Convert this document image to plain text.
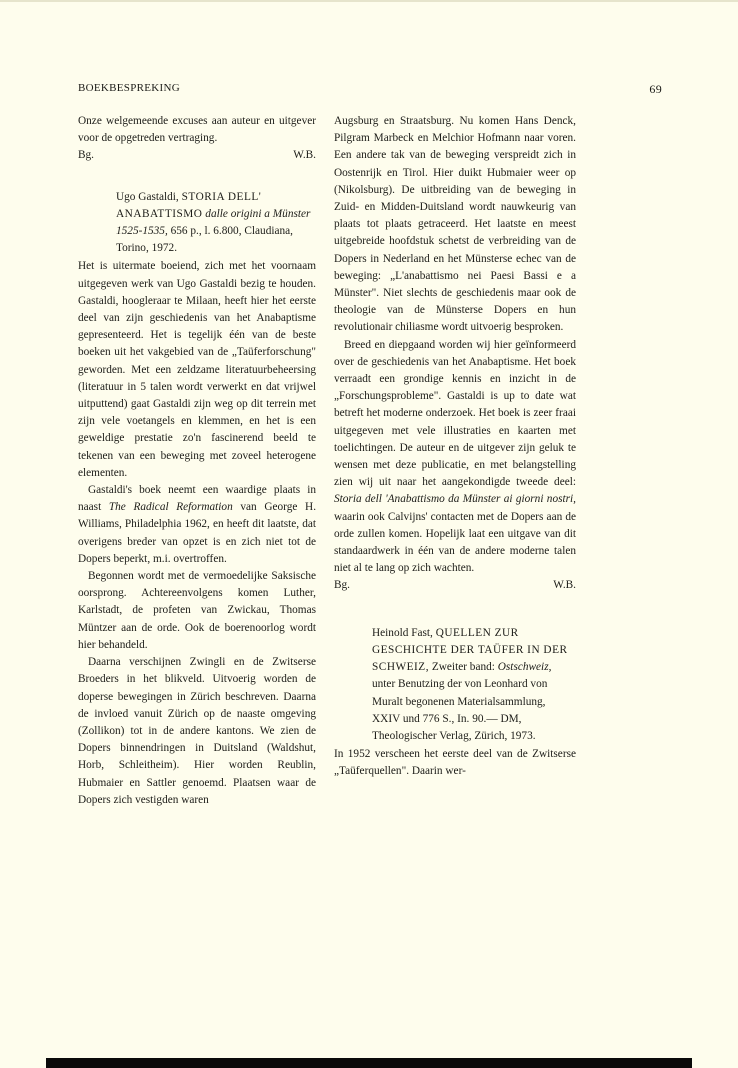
BOEKBESPREKING	69

Onze welgemeende excuses aan auteur en uitgever voor de opgetreden vertraging.

Bg.	W.B.
Ugo Gastaldi, STORIA DELL' ANABATTISMO dalle origini a Münster 1525-1535, 656 p., l. 6.800, Claudiana, Torino, 1972.

Het is uitermate boeiend, zich met het voornaam uitgegeven werk van Ugo Gastaldi bezig te houden. Gastaldi, hoogleraar te Milaan, heeft hier het eerste deel van zijn geschiedenis van het Anabaptisme gepresenteerd. Het is tegelijk één van de beste boeken uit het vakgebied van de „Taüferforschung" geworden. Met een zeldzame literatuurbeheersing (literatuur in 5 talen wordt verwerkt en dat vrijwel uitputtend) gaat Gastaldi zijn weg op dit terrein met zijn vele voetangels en klemmen, en het is een geweldige prestatie zo'n fascinerend beeld te tekenen van een beweging met zoveel heterogene elementen.

Gastaldi's boek neemt een waardige plaats in naast The Radical Reformation van George H. Williams, Philadelphia 1962, en heeft dit laatste, dat overigens breder van opzet is en zich niet tot de Dopers beperkt, m.i. overtroffen.

Begonnen wordt met de vermoedelijke Saksische oorsprong. Achtereenvolgens komen Luther, Karlstadt, de profeten van Zwickau, Thomas Müntzer aan de orde. Ook de boerenoorlog wordt hier behandeld.

Daarna verschijnen Zwingli en de Zwitserse Broeders in het blikveld. Uitvoerig worden de doperse bewegingen in Zürich beschreven. Daarna de invloed vanuit Zürich op de naaste omgeving (Zollikon) tot in de andere kantons. We zien de Dopers binnendringen in Duitsland (Waldshut, Horb, Schleitheim). Hier worden Reublin, Hubmaier en Sattler genoemd. Plaatsen waar de Dopers zich vestigden waren

Augsburg en Straatsburg. Nu komen Hans Denck, Pilgram Marbeck en Melchior Hofmann naar voren. Een andere tak van de beweging verspreidt zich in Oostenrijk en Tirol. Hier duikt Hubmaier weer op (Nikolsburg). De uitbreiding van de beweging in Zuid- en Midden-Duitsland wordt nauwkeurig van plaats tot plaats getraceerd. Het laatste en meest uitgebreide hoofdstuk schetst de verbreiding van de Dopers in Nederland en het Münsterse echec van de beweging: „L'anabattismo nei Paesi Bassi e a Münster". Niet slechts de geschiedenis maar ook de theologie van de Münsterse Dopers en hun revolutionair chiliasme wordt uitvoerig besproken.

Breed en diepgaand worden wij hier geïnformeerd over de geschiedenis van het Anabaptisme. Het boek verraadt een grondige kennis en inzicht in de „Forschungsprobleme". Gastaldi is up to date wat betreft het moderne onderzoek. Het boek is zeer fraai uitgegeven met vele illustraties en kaarten met toelichtingen. De auteur en de uitgever zijn geluk te wensen met deze publicatie, en met belangstelling zien wij uit naar het aangekondigde tweede deel: Storia dell 'Anabattismo da Münster ai giorni nostri, waarin ook Calvijns' contacten met de Dopers aan de orde zullen komen. Hopelijk laat een uitgave van dit standaardwerk in één van de andere moderne talen niet al te lang op zich wachten.

Bg.	W.B.
Heinold Fast, QUELLEN ZUR GESCHICHTE DER TAÜFER IN DER SCHWEIZ, Zweiter band: Ostschweiz, unter Benutzing der von Leonhard von Muralt begonenen Materialsammlung, XXIV und 776 S., In. 90.— DM, Theologischer Verlag, Zürich, 1973.

In 1952 verscheen het eerste deel van de Zwitserse „Taüferquellen". Daarin wer-
